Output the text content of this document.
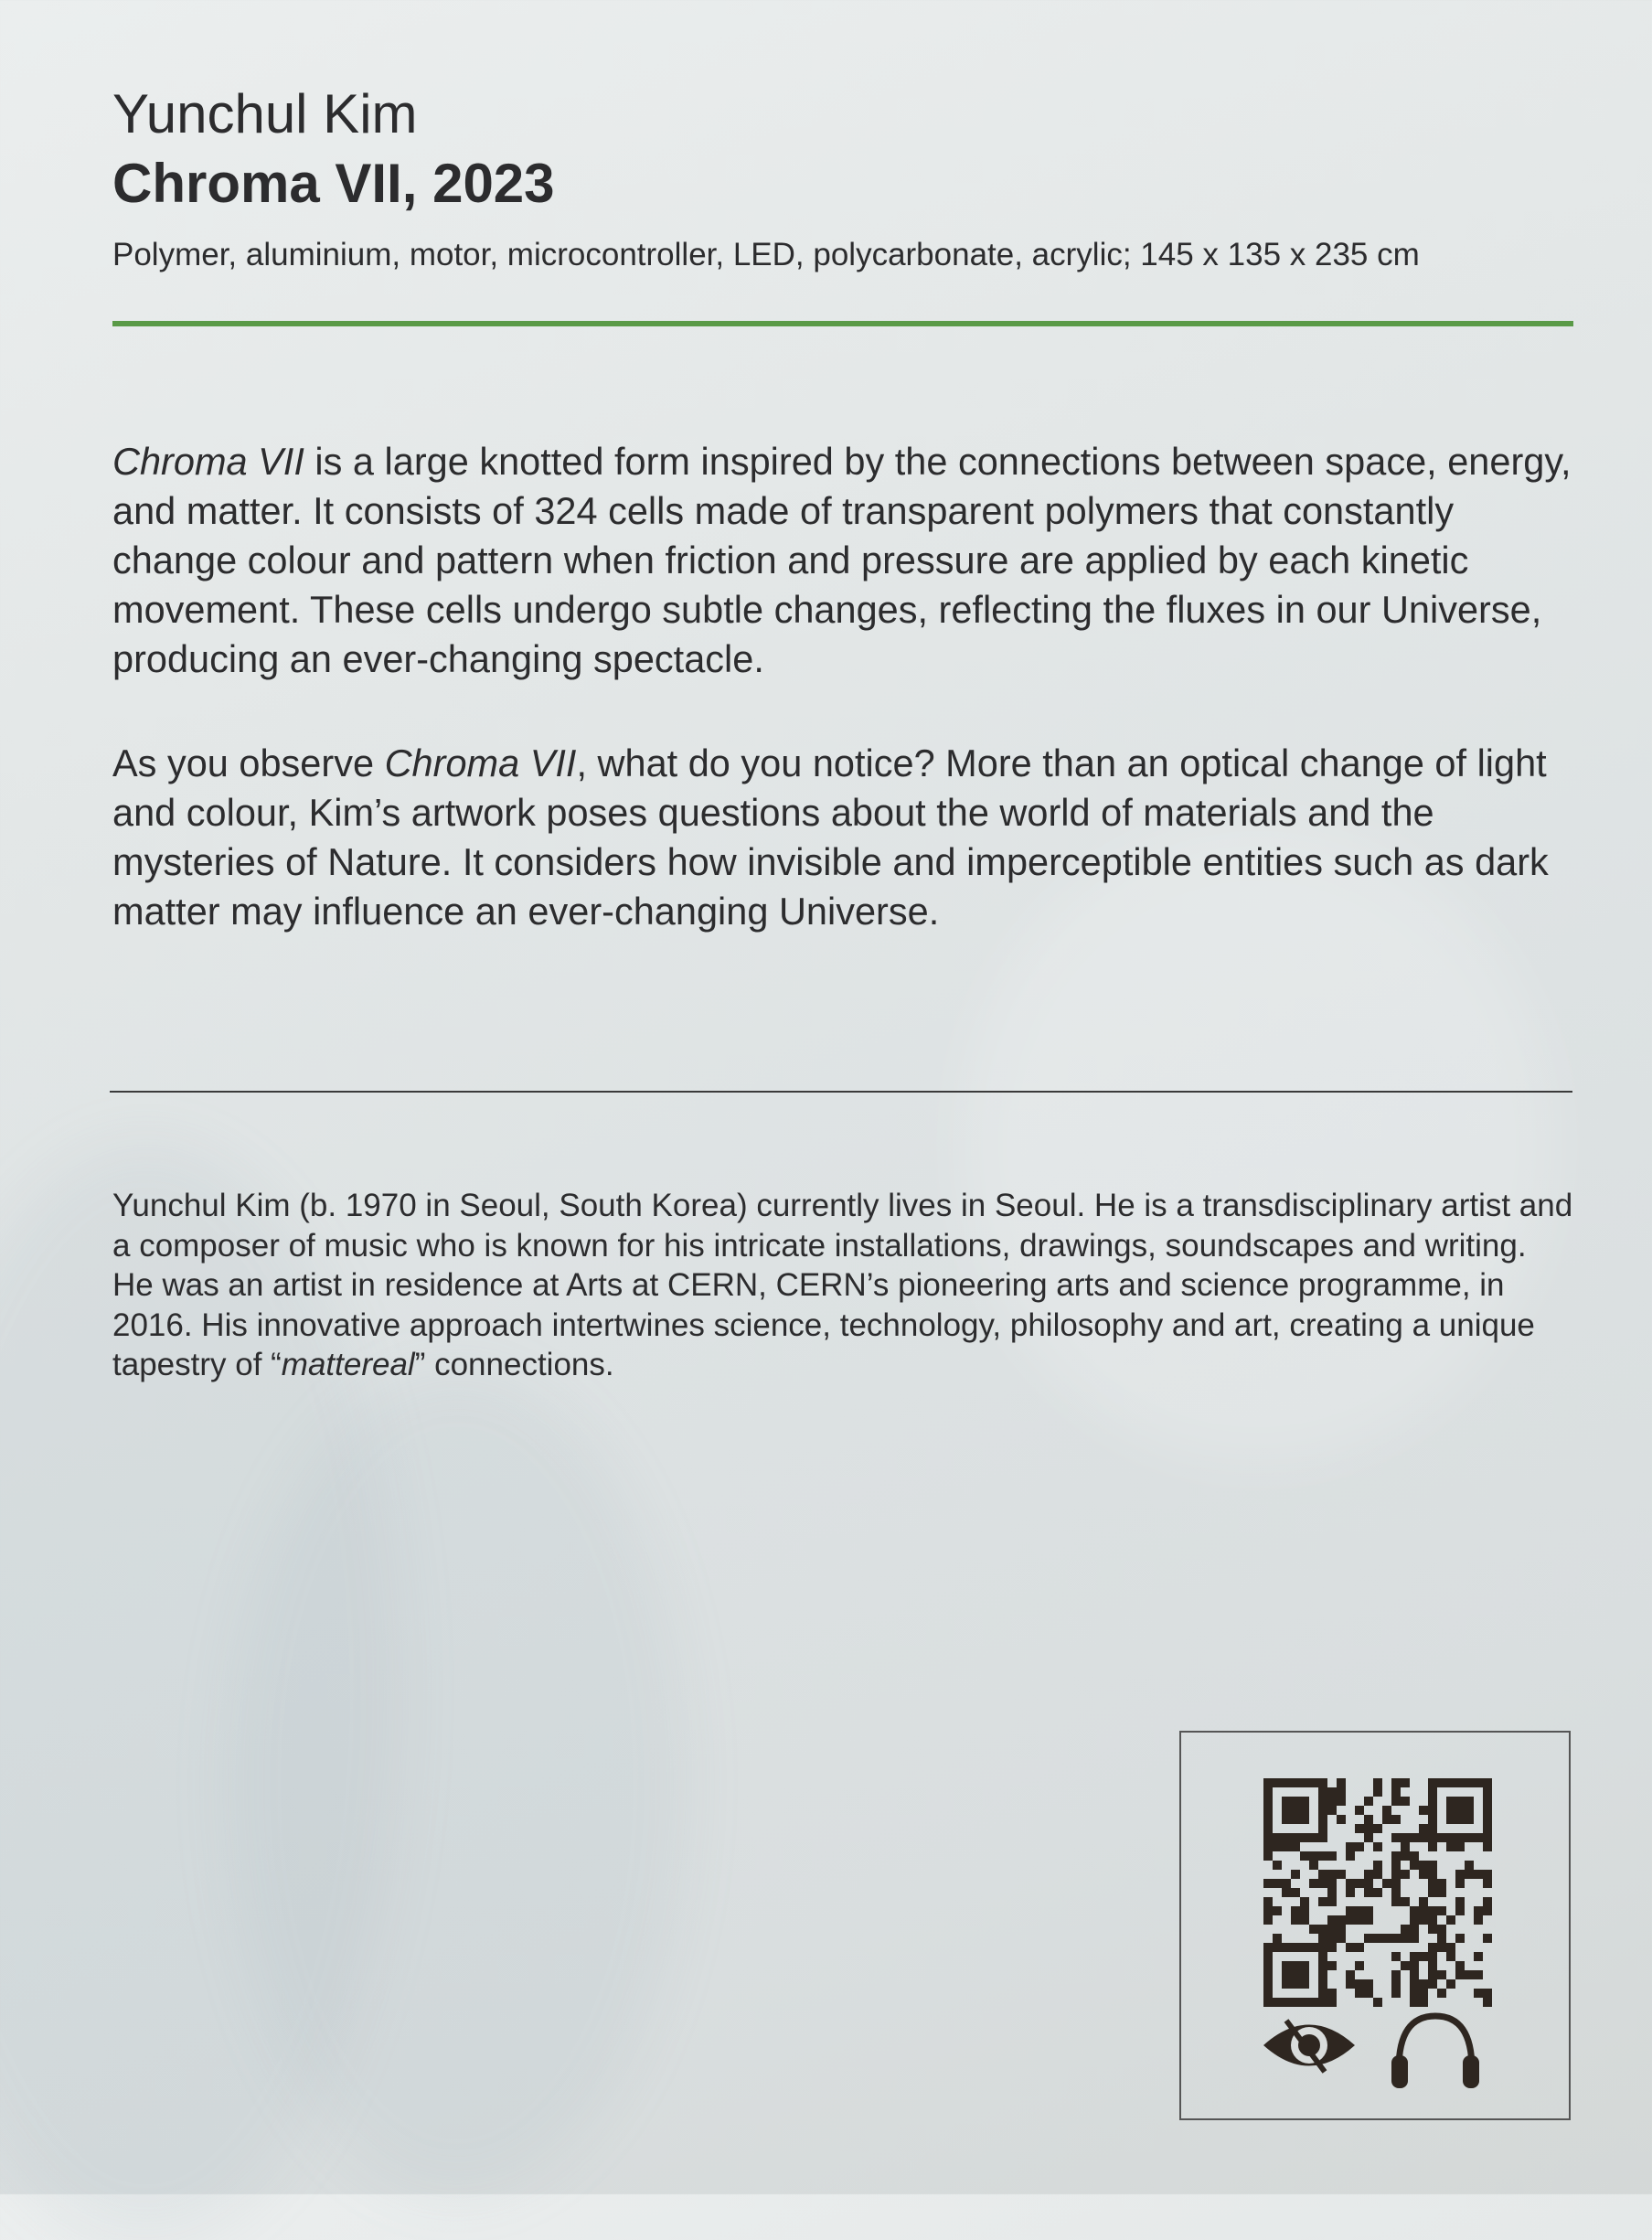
Yunchul Kim
Chroma VII, 2023

Polymer, aluminium, motor, microcontroller, LED, polycarbonate, acrylic; 145 x 135 x 235 cm

Chroma VII is a large knotted form inspired by the connections between space, energy, and matter. It consists of 324 cells made of transparent polymers that constantly change colour and pattern when friction and pressure are applied by each kinetic movement. These cells undergo subtle changes, reflecting the fluxes in our Universe, producing an ever-changing spectacle.

As you observe Chroma VII, what do you notice? More than an optical change of light and colour, Kim’s artwork poses questions about the world of materials and the mysteries of Nature. It considers how invisible and imperceptible entities such as dark matter may influence an ever-changing Universe.

Yunchul Kim (b. 1970 in Seoul, South Korea) currently lives in Seoul. He is a transdisciplinary artist and a composer of music who is known for his intricate installations, drawings, soundscapes and writing. He was an artist in residence at Arts at CERN, CERN’s pioneering arts and science programme, in 2016. His innovative approach intertwines science, technology, philosophy and art, creating a unique tapestry of “mattereal” connections.
